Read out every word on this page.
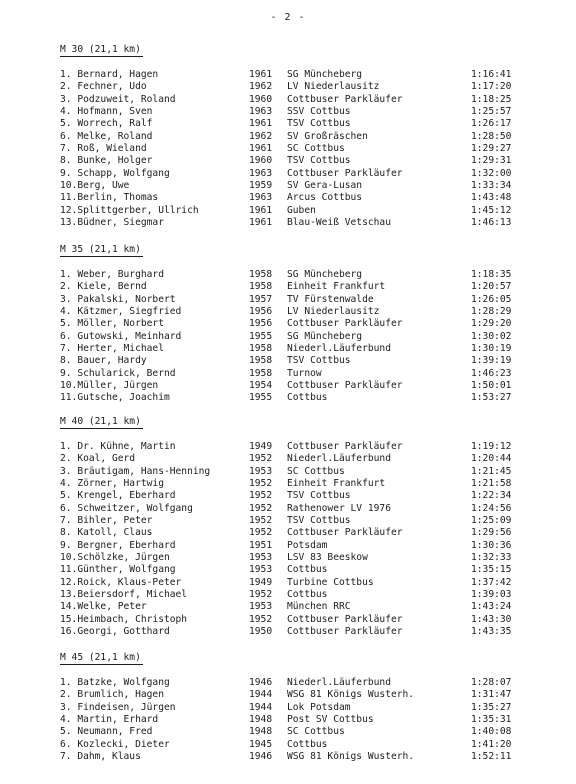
- 2 -
M 30 (21,1 km)
1. Bernard, Hagen	1961 SG Müncheberg	1:16:41
2. Fechner, Udo	1962 LV Niederlausitz	1:17:20
3. Podzuweit, Roland	1960 Cottbuser Parkläufer	1:18:25
4. Hofmann, Sven	1963 SSV Cottbus	1:25:57
5. Worrech, Ralf	1961 TSV Cottbus	1:26:17
6. Melke, Roland	1962 SV Großräschen	1:28:50
7. Roß, Wieland	1961 SC Cottbus	1:29:27
8. Bunke, Holger	1960 TSV Cottbus	1:29:31
9. Schapp, Wolfgang	1963 Cottbuser Parkläufer	1:32:00
10.Berg, Uwe	1959 SV Gera-Lusan	1:33:34
11.Berlin, Thomas	1963 Arcus Cottbus	1:43:48
12.Splittgerber, Ullrich	1961 Guben	1:45:12
13.Büdner, Siegmar	1961 Blau-Weiß Vetschau	1:46:13
M 35 (21,1 km)
1. Weber, Burghard	1958 SG Müncheberg	1:18:35
2. Kiele, Bernd	1958 Einheit Frankfurt	1:20:57
3. Pakalski, Norbert	1957 TV Fürstenwalde	1:26:05
4. Kätzmer, Siegfried	1956 LV Niederlausitz	1:28:29
5. Möller, Norbert	1956 Cottbuser Parkläufer	1:29:20
6. Gutowski, Meinhard	1955 SG Müncheberg	1:30:02
7. Herter, Michael	1958 Niederl.Läuferbund	1:30:19
8. Bauer, Hardy	1958 TSV Cottbus	1:39:19
9. Schularick, Bernd	1958 Turnow	1:46:23
10.Müller, Jürgen	1954 Cottbuser Parkläufer	1:50:01
11.Gutsche, Joachim	1955 Cottbus	1:53:27
M 40 (21,1 km)
1. Dr. Kühne, Martin	1949 Cottbuser Parkläufer	1:19:12
2. Koal, Gerd	1952 Niederl.Läuferbund	1:20:44
3. Bräutigam, Hans-Henning	1953 SC Cottbus	1:21:45
4. Zörner, Hartwig	1952 Einheit Frankfurt	1:21:58
5. Krengel, Eberhard	1952 TSV Cottbus	1:22:34
6. Schweitzer, Wolfgang	1952 Rathenower LV 1976	1:24:56
7. Bihler, Peter	1952 TSV Cottbus	1:25:09
8. Katoll, Claus	1952 Cottbuser Parkläufer	1:29:56
9. Bergner, Eberhard	1951 Potsdam	1:30:36
10.Schölzke, Jürgen	1953 LSV 83 Beeskow	1:32:33
11.Günther, Wolfgang	1953 Cottbus	1:35:15
12.Roick, Klaus-Peter	1949 Turbine Cottbus	1:37:42
13.Beiersdorf, Michael	1952 Cottbus	1:39:03
14.Welke, Peter	1953 München RRC	1:43:24
15.Heimbach, Christoph	1952 Cottbuser Parkläufer	1:43:30
16.Georgi, Gotthard	1950 Cottbuser Parkläufer	1:43:35
M 45 (21,1 km)
1. Batzke, Wolfgang	1946 Niederl.Läuferbund	1:28:07
2. Brumlich, Hagen	1944 WSG 81 Königs Wusterh.	1:31:47
3. Findeisen, Jürgen	1944 Lok Potsdam	1:35:27
4. Martin, Erhard	1948 Post SV Cottbus	1:35:31
5. Neumann, Fred	1948 SC Cottbus	1:40:08
6. Kozlecki, Dieter	1945 Cottbus	1:41:20
7. Dahm, Klaus	1946 WSG 81 Königs Wusterh.	1:52:11
